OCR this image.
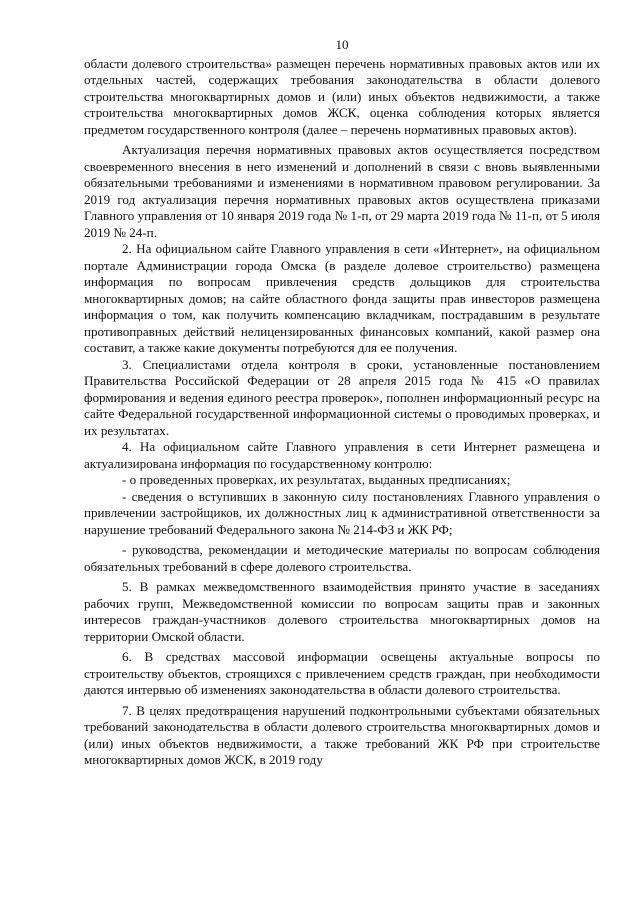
10

области долевого строительства» размещен перечень нормативных правовых актов или их отдельных частей, содержащих требования законодательства в области долевого строительства многоквартирных домов и (или) иных объектов недвижимости, а также строительства многоквартирных домов ЖСК, оценка соблюдения которых является предметом государственного контроля (далее – перечень нормативных правовых актов).

Актуализация перечня нормативных правовых актов осуществляется посредством своевременного внесения в него изменений и дополнений в связи с вновь выявленными обязательными требованиями и изменениями в нормативном правовом регулировании. За 2019 год актуализация перечня нормативных правовых актов осуществлена приказами Главного управления от 10 января 2019 года № 1-п, от 29 марта 2019 года № 11-п, от 5 июля 2019 № 24-п.

2. На официальном сайте Главного управления в сети «Интернет», на официальном портале Администрации города Омска (в разделе долевое строительство) размещена информация по вопросам привлечения средств дольщиков для строительства многоквартирных домов; на сайте областного фонда защиты прав инвесторов размещена информация о том, как получить компенсацию вкладчикам, пострадавшим в результате противоправных действий нелицензированных финансовых компаний, какой размер она составит, а также какие документы потребуются для ее получения.

3. Специалистами отдела контроля в сроки, установленные постановлением Правительства Российской Федерации от 28 апреля 2015 года № 415 «О правилах формирования и ведения единого реестра проверок», пополнен информационный ресурс на сайте Федеральной государственной информационной системы о проводимых проверках, и их результатах.

4. На официальном сайте Главного управления в сети Интернет размещена и актуализирована информация по государственному контролю:

- о проведенных проверках, их результатах, выданных предписаниях;

- сведения о вступивших в законную силу постановлениях Главного управления о привлечении застройщиков, их должностных лиц к административной ответственности за нарушение требований Федерального закона № 214-ФЗ и ЖК РФ;

- руководства, рекомендации и методические материалы по вопросам соблюдения обязательных требований в сфере долевого строительства.

5. В рамках межведомственного взаимодействия принято участие в заседаниях рабочих групп, Межведомственной комиссии по вопросам защиты прав и законных интересов граждан-участников долевого строительства многоквартирных домов на территории Омской области.

6. В средствах массовой информации освещены актуальные вопросы по строительству объектов, строящихся с привлечением средств граждан, при необходимости даются интервью об изменениях законодательства в области долевого строительства.

7. В целях предотвращения нарушений подконтрольными субъектами обязательных требований законодательства в области долевого строительства многоквартирных домов и (или) иных объектов недвижимости, а также требований ЖК РФ при строительстве многоквартирных домов ЖСК, в 2019 году
